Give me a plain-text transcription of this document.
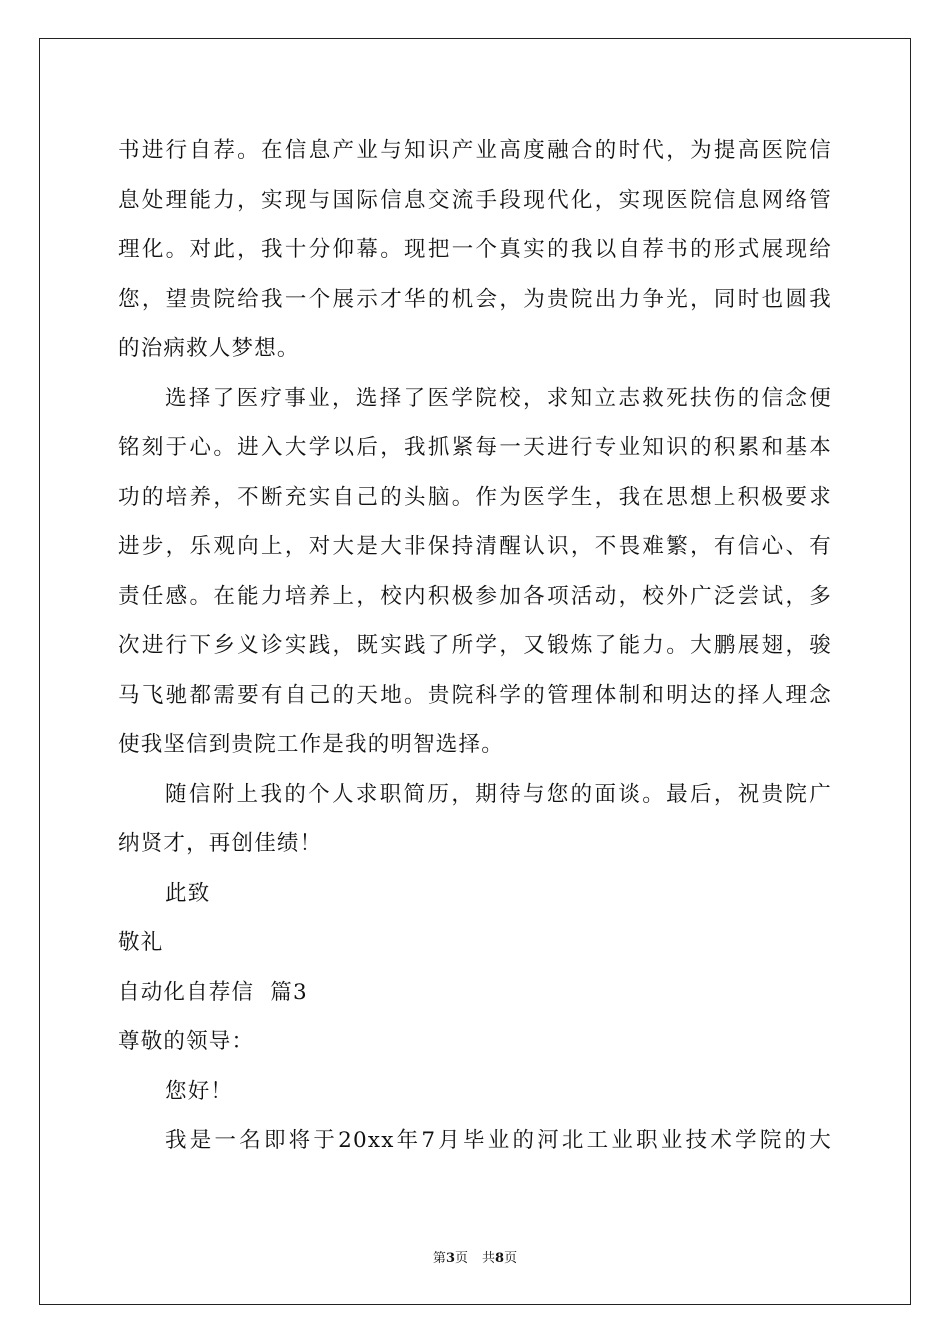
书进行自荐。在信息产业与知识产业高度融合的时代，为提高医院信
息处理能力，实现与国际信息交流手段现代化，实现医院信息网络管
理化。对此，我十分仰幕。现把一个真实的我以自荐书的形式展现给
您，望贵院给我一个展示才华的机会，为贵院出力争光，同时也圆我
的治病救人梦想。
选择了医疗事业，选择了医学院校，求知立志救死扶伤的信念便
铭刻于心。进入大学以后，我抓紧每一天进行专业知识的积累和基本
功的培养，不断充实自己的头脑。作为医学生，我在思想上积极要求
进步，乐观向上，对大是大非保持清醒认识，不畏难繁，有信心、有
责任感。在能力培养上，校内积极参加各项活动，校外广泛尝试，多
次进行下乡义诊实践，既实践了所学，又锻炼了能力。大鹏展翅，骏
马飞驰都需要有自己的天地。贵院科学的管理体制和明达的择人理念
使我坚信到贵院工作是我的明智选择。
随信附上我的个人求职简历，期待与您的面谈。最后，祝贵院广
纳贤才，再创佳绩！
此致
敬礼
自动化自荐信  篇3
尊敬的领导：
您好！
我是一名即将于20xx年7月毕业的河北工业职业技术学院的大
第3页 共8页
